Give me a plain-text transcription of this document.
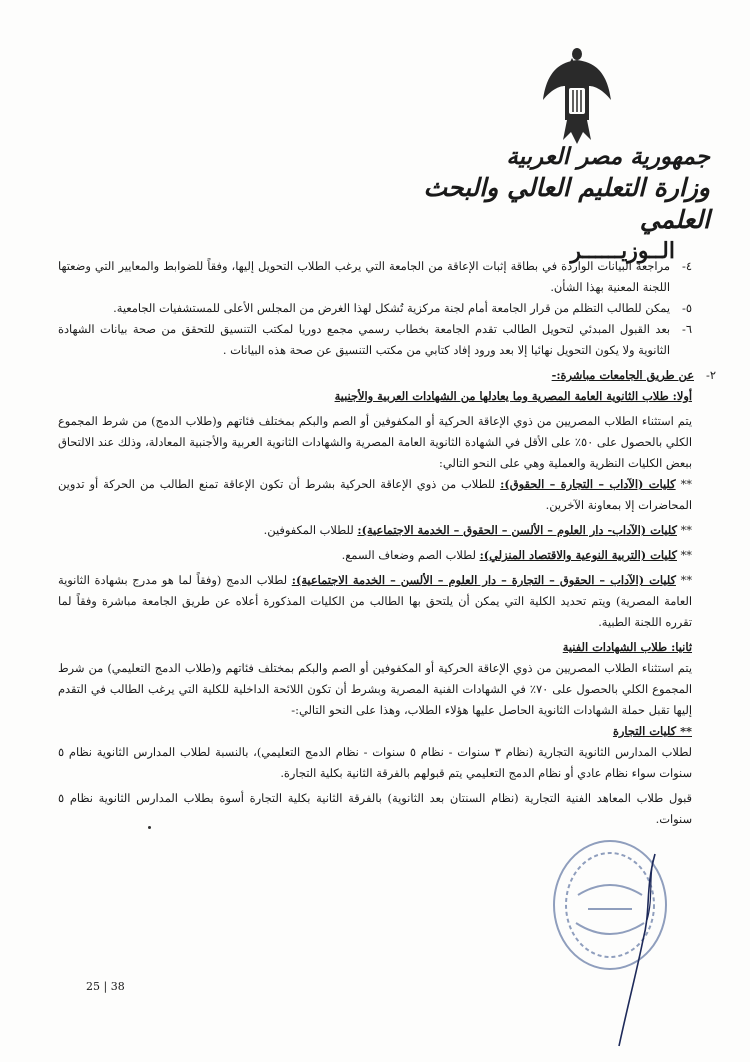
جمهورية مصر العربية
وزارة التعليم العالي والبحث العلمي
الــوزيــــــر
٤-
مراجعة البيانات الواردة في بطاقة إثبات الإعاقة من الجامعة التي يرغب الطلاب التحويل إليها، وفقاً للضوابط والمعايير التي وضعتها اللجنة المعنية بهذا الشأن.
٥-
يمكن للطالب التظلم من قرار الجامعة أمام لجنة مركزية تُشكل لهذا الغرض من المجلس الأعلى للمستشفيات الجامعية.
٦-
بعد القبول المبدئي لتحويل الطالب تقدم الجامعة بخطاب رسمي مجمع دوريا لمكتب التنسيق للتحقق من صحة بيانات الشهادة الثانوية ولا يكون التحويل نهائيا إلا بعد ورود إفاد كتابي من مكتب التنسيق عن صحة هذه البيانات .
٢-
عن طريق الجامعات مباشرة:-

أولا: طلاب الثانوية العامة المصرية وما يعادلها من الشهادات العربية والأجنبية

يتم استثناء الطلاب المصريين من ذوي الإعاقة الحركية أو المكفوفين أو الصم والبكم بمختلف فئاتهم و(طلاب الدمج) من شرط المجموع الكلي بالحصول على ٥٠٪ على الأقل في الشهادة الثانوية العامة المصرية والشهادات الثانوية العربية والأجنبية المعادلة، وذلك عند الالتحاق ببعض الكليات النظرية والعملية وهي على النحو التالي:

** كليات (الآداب – التجارة – الحقوق): للطلاب من ذوي الإعاقة الحركية بشرط أن تكون الإعاقة تمنع الطالب من الحركة أو تدوين المحاضرات إلا بمعاونة الآخرين.

** كليات (الآداب- دار العلوم – الألسن – الحقوق – الخدمة الاجتماعية): للطلاب المكفوفين.

** كليات (التربية النوعية والاقتصاد المنزلي): لطلاب الصم وضعاف السمع.

** كليات (الآداب – الحقوق – التجارة – دار العلوم – الألسن – الخدمة الاجتماعية): لطلاب الدمج (وفقاً لما هو مدرج بشهادة الثانوية العامة المصرية) ويتم تحديد الكلية التي يمكن أن يلتحق بها الطالب من الكليات المذكورة أعلاه عن طريق الجامعة مباشرة وفقاً لما تقرره اللجنة الطبية.

ثانيا: طلاب الشهادات الفنية

يتم استثناء الطلاب المصريين من ذوي الإعاقة الحركية أو المكفوفين أو الصم والبكم بمختلف فئاتهم و(طلاب الدمج التعليمي) من شرط المجموع الكلي بالحصول على ٧٠٪ في الشهادات الفنية المصرية وبشرط أن تكون اللائحة الداخلية للكلية التي يرغب الطالب في التقدم إليها تقبل حملة الشهادات الثانوية الحاصل عليها هؤلاء الطلاب، وهذا على النحو التالي:-

** كليات التجارة

لطلاب المدارس الثانوية التجارية (نظام ٣ سنوات - نظام ٥ سنوات - نظام الدمج التعليمي)، بالنسبة لطلاب المدارس الثانوية نظام ٥ سنوات سواء نظام عادي أو نظام الدمج التعليمي يتم قبولهم بالفرقة الثانية بكلية التجارة.

قبول طلاب المعاهد الفنية التجارية (نظام السنتان بعد الثانوية) بالفرقة الثانية بكلية التجارة أسوة بطلاب المدارس الثانوية نظام ٥ سنوات.

25 | 38
